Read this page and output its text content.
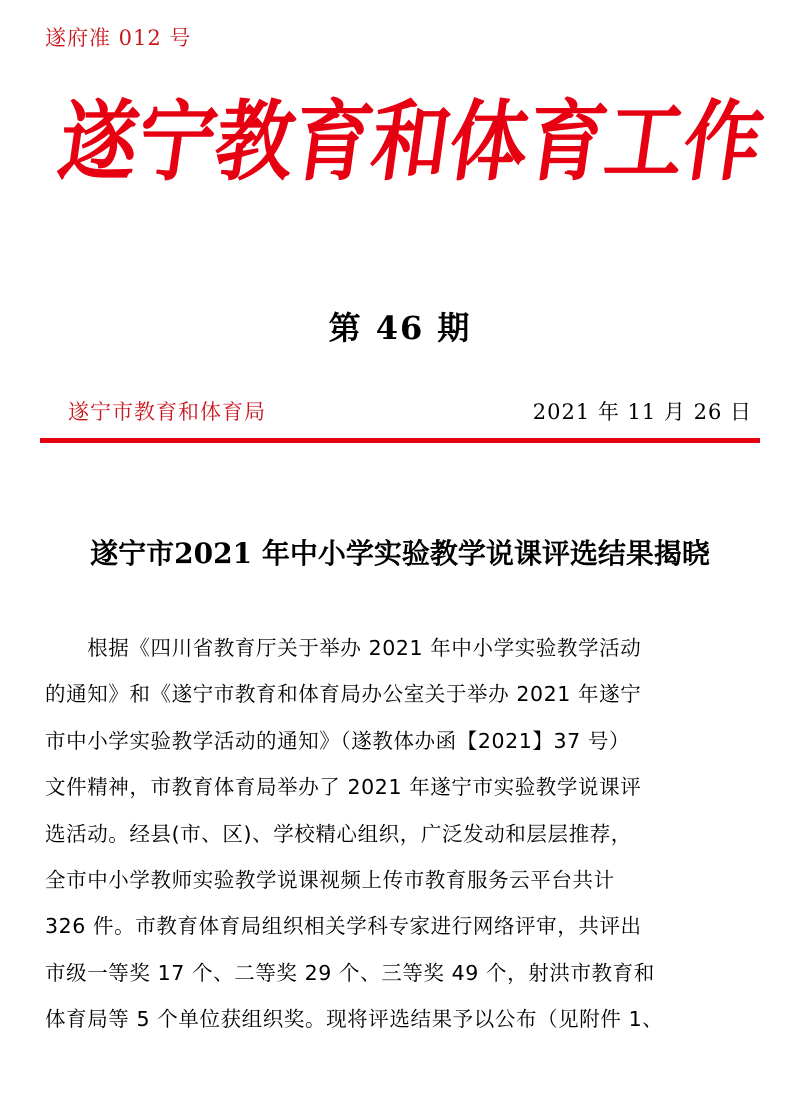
遂府准 012 号
遂
宁
教
育
和
体
育
工
作
第 46 期
遂宁市教育和体育局	2021 年 11 月 26 日
遂宁市2021 年中小学实验教学说课评选结果揭晓
　　根据《四川省教育厅关于举办 2021 年中小学实验教学活动
的通知》和《遂宁市教育和体育局办公室关于举办 2021 年遂宁
市中小学实验教学活动的通知》（遂教体办函【2021】37 号）
文件精神，市教育体育局举办了 2021 年遂宁市实验教学说课评
选活动。经县(市、区)、学校精心组织，广泛发动和层层推荐，
全市中小学教师实验教学说课视频上传市教育服务云平台共计
326 件。市教育体育局组织相关学科专家进行网络评审，共评出
市级一等奖 17 个、二等奖 29 个、三等奖 49 个，射洪市教育和
体育局等 5 个单位获组织奖。现将评选结果予以公布（见附件 1、
